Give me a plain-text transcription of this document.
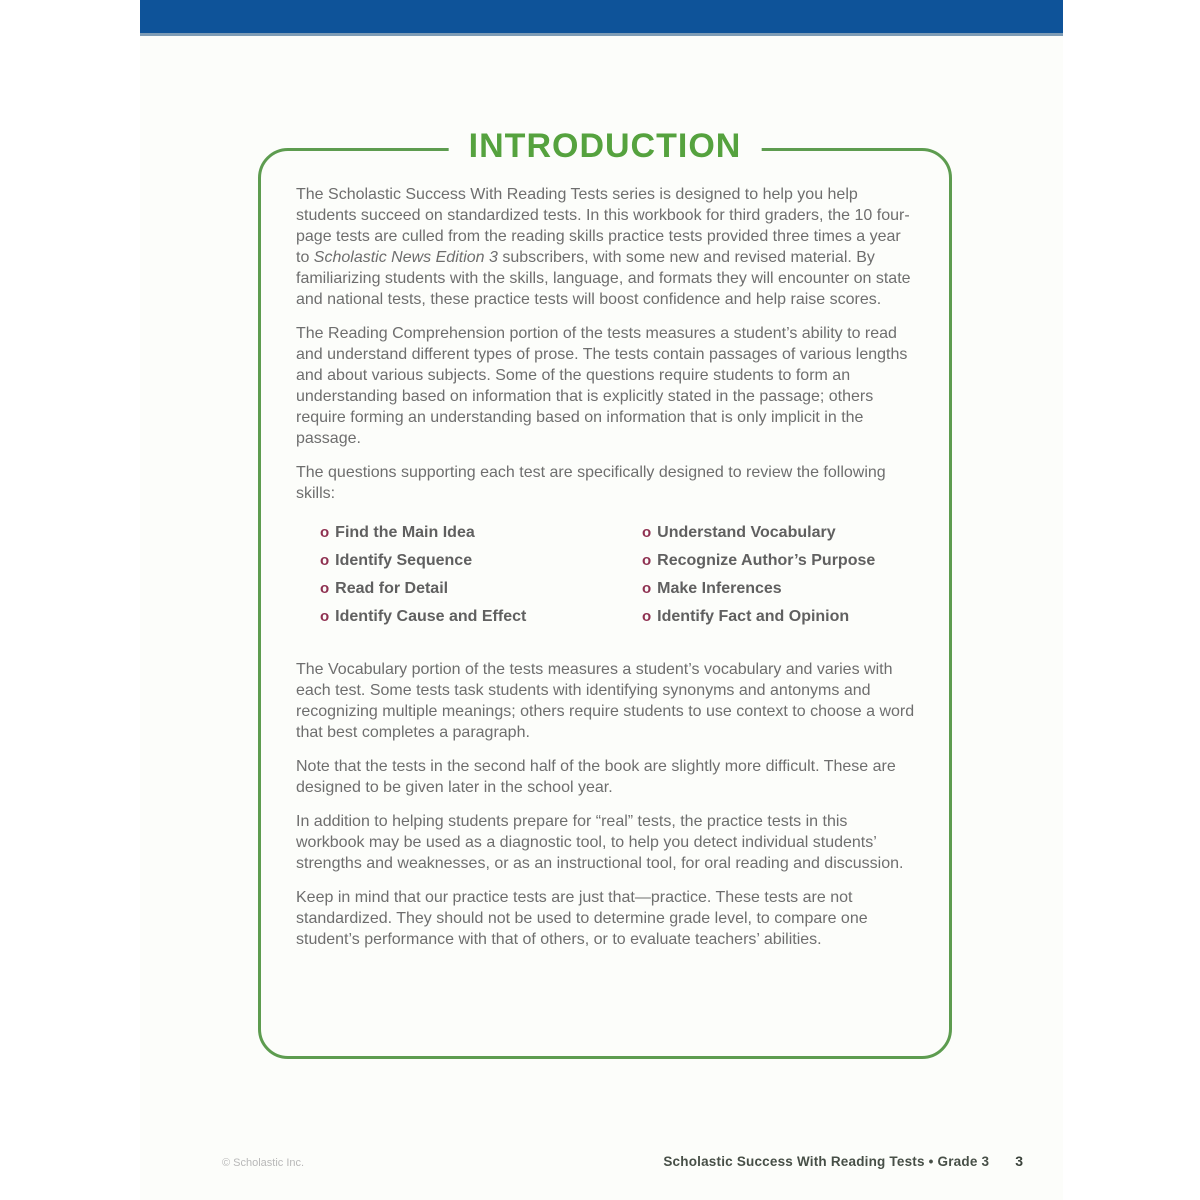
INTRODUCTION

The Scholastic Success With Reading Tests series is designed to help you help students succeed on standardized tests. In this workbook for third graders, the 10 four-page tests are culled from the reading skills practice tests provided three times a year to Scholastic News Edition 3 subscribers, with some new and revised material. By familiarizing students with the skills, language, and formats they will encounter on state and national tests, these practice tests will boost confidence and help raise scores.

The Reading Comprehension portion of the tests measures a student’s ability to read and understand different types of prose. The tests contain passages of various lengths and about various subjects. Some of the questions require students to form an understanding based on information that is explicitly stated in the passage; others require forming an understanding based on information that is only implicit in the passage.

The questions supporting each test are specifically designed to review the following skills:

o Find the Main Idea
o Identify Sequence
o Read for Detail
o Identify Cause and Effect
o Understand Vocabulary
o Recognize Author’s Purpose
o Make Inferences
o Identify Fact and Opinion

The Vocabulary portion of the tests measures a student’s vocabulary and varies with each test. Some tests task students with identifying synonyms and antonyms and recognizing multiple meanings; others require students to use context to choose a word that best completes a paragraph.

Note that the tests in the second half of the book are slightly more difficult. These are designed to be given later in the school year.

In addition to helping students prepare for “real” tests, the practice tests in this workbook may be used as a diagnostic tool, to help you detect individual students’ strengths and weaknesses, or as an instructional tool, for oral reading and discussion.

Keep in mind that our practice tests are just that—practice. These tests are not standardized. They should not be used to determine grade level, to compare one student’s performance with that of others, or to evaluate teachers’ abilities.

© Scholastic Inc.	Scholastic Success With Reading Tests • Grade 3 3
